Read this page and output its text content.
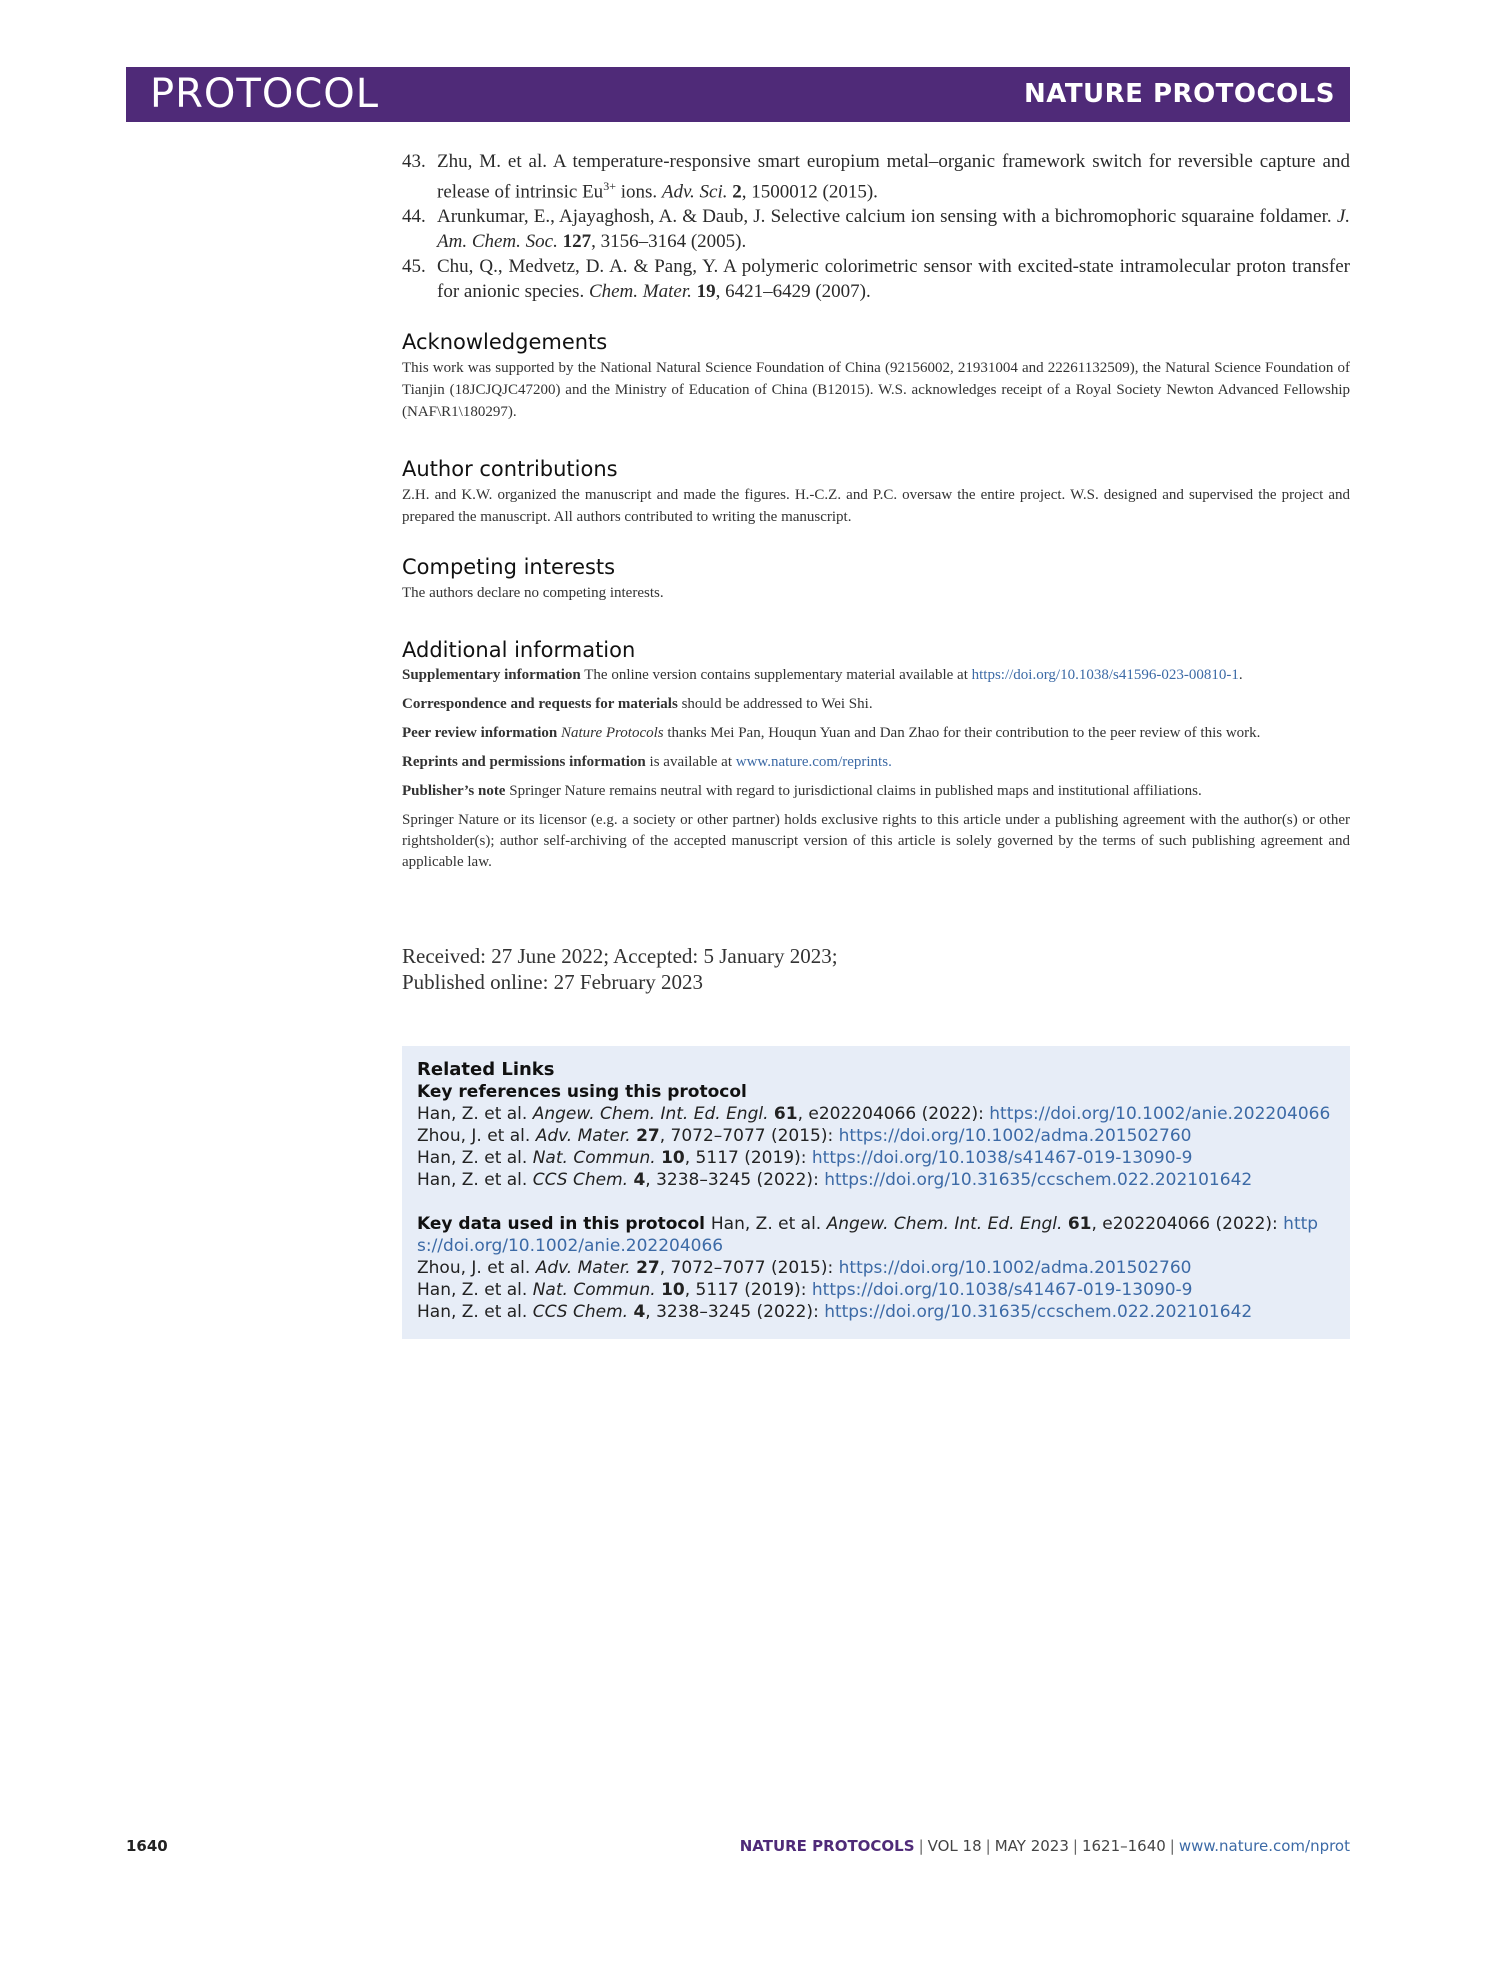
PROTOCOL	NATURE PROTOCOLS
43. Zhu, M. et al. A temperature-responsive smart europium metal–organic framework switch for reversible capture and release of intrinsic $Eu^{3+}$ ions. Adv. Sci. 2, 1500012 (2015).
44. Arunkumar, E., Ajayaghosh, A. & Daub, J. Selective calcium ion sensing with a bichromophoric squaraine foldamer. J. Am. Chem. Soc. 127, 3156–3164 (2005).
45. Chu, Q., Medvetz, D. A. & Pang, Y. A polymeric colorimetric sensor with excited-state intramolecular proton transfer for anionic species. Chem. Mater. 19, 6421–6429 (2007).
Acknowledgements

This work was supported by the National Natural Science Foundation of China (92156002, 21931004 and 22261132509), the Natural Science Foundation of Tianjin (18JCJQJC47200) and the Ministry of Education of China (B12015). W.S. acknowledges receipt of a Royal Society Newton Advanced Fellowship (NAF\R1\180297).

Author contributions

Z.H. and K.W. organized the manuscript and made the figures. H.-C.Z. and P.C. oversaw the entire project. W.S. designed and supervised the project and prepared the manuscript. All authors contributed to writing the manuscript.

Competing interests

The authors declare no competing interests.

Additional information

Supplementary information The online version contains supplementary material available at https://doi.org/10.1038/s41596-023-00810-1.

Correspondence and requests for materials should be addressed to Wei Shi.

Peer review information Nature Protocols thanks Mei Pan, Houqun Yuan and Dan Zhao for their contribution to the peer review of this work.

Reprints and permissions information is available at www.nature.com/reprints.

Publisher’s note Springer Nature remains neutral with regard to jurisdictional claims in published maps and institutional affiliations.

Springer Nature or its licensor (e.g. a society or other partner) holds exclusive rights to this article under a publishing agreement with the author(s) or other rightsholder(s); author self-archiving of the accepted manuscript version of this article is solely governed by the terms of such publishing agreement and applicable law.

Received: 27 June 2022; Accepted: 5 January 2023;
Published online: 27 February 2023
Related Links
Key references using this protocol
Han, Z. et al. Angew. Chem. Int. Ed. Engl. 61, e202204066 (2022): https://doi.org/10.1002/anie.202204066
Zhou, J. et al. Adv. Mater. 27, 7072–7077 (2015): https://doi.org/10.1002/adma.201502760
Han, Z. et al. Nat. Commun. 10, 5117 (2019): https://doi.org/10.1038/s41467-019-13090-9
Han, Z. et al. CCS Chem. 4, 3238–3245 (2022): https://doi.org/10.31635/ccschem.022.202101642
Key data used in this protocol Han, Z. et al. Angew. Chem. Int. Ed. Engl. 61, e202204066 (2022): https://doi.org/10.1002/anie.202204066
Zhou, J. et al. Adv. Mater. 27, 7072–7077 (2015): https://doi.org/10.1002/adma.201502760
Han, Z. et al. Nat. Commun. 10, 5117 (2019): https://doi.org/10.1038/s41467-019-13090-9
Han, Z. et al. CCS Chem. 4, 3238–3245 (2022): https://doi.org/10.31635/ccschem.022.202101642
1640	NATURE PROTOCOLS | VOL 18 | MAY 2023 | 1621–1640 | www.nature.com/nprot
